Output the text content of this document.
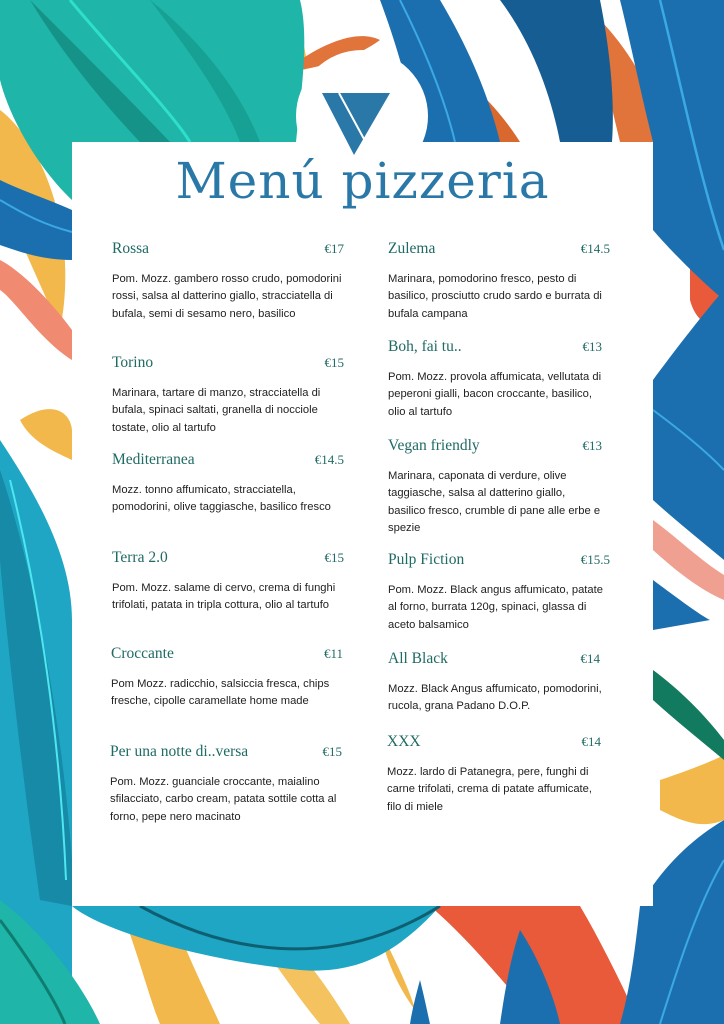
Menú pizzeria
Rossa	€17
Pom. Mozz. gambero rosso crudo, pomodorini rossi, salsa al datterino giallo, stracciatella di bufala, semi di sesamo nero, basilico
Torino	€15
Marinara, tartare di manzo, stracciatella di bufala, spinaci saltati, granella di nocciole tostate, olio al tartufo
Mediterranea	€14.5
Mozz. tonno affumicato, stracciatella, pomodorini, olive taggiasche, basilico fresco
Terra 2.0	€15
Pom. Mozz. salame di cervo, crema di funghi trifolati, patata in tripla cottura, olio al tartufo
Croccante	€11
Pom Mozz. radicchio, salsiccia fresca, chips fresche, cipolle caramellate home made
Per una notte di..versa	€15
Pom. Mozz. guanciale croccante, maialino sfilacciato, carbo cream, patata sottile cotta al forno, pepe nero macinato
Zulema	€14.5
Marinara, pomodorino fresco, pesto di basilico, prosciutto crudo sardo e burrata di bufala campana
Boh, fai tu..	€13
Pom. Mozz. provola affumicata, vellutata di peperoni gialli, bacon croccante, basilico, olio al tartufo
Vegan friendly	€13
Marinara, caponata di verdure, olive taggiasche, salsa al datterino giallo, basilico fresco, crumble di pane alle erbe e spezie
Pulp Fiction	€15.5
Pom. Mozz. Black angus affumicato, patate al forno, burrata 120g, spinaci, glassa di aceto balsamico
All Black	€14
Mozz. Black Angus affumicato, pomodorini, rucola, grana Padano D.O.P.
XXX	€14
Mozz. lardo di Patanegra, pere, funghi di carne trifolati, crema di patate affumicate, filo di miele
